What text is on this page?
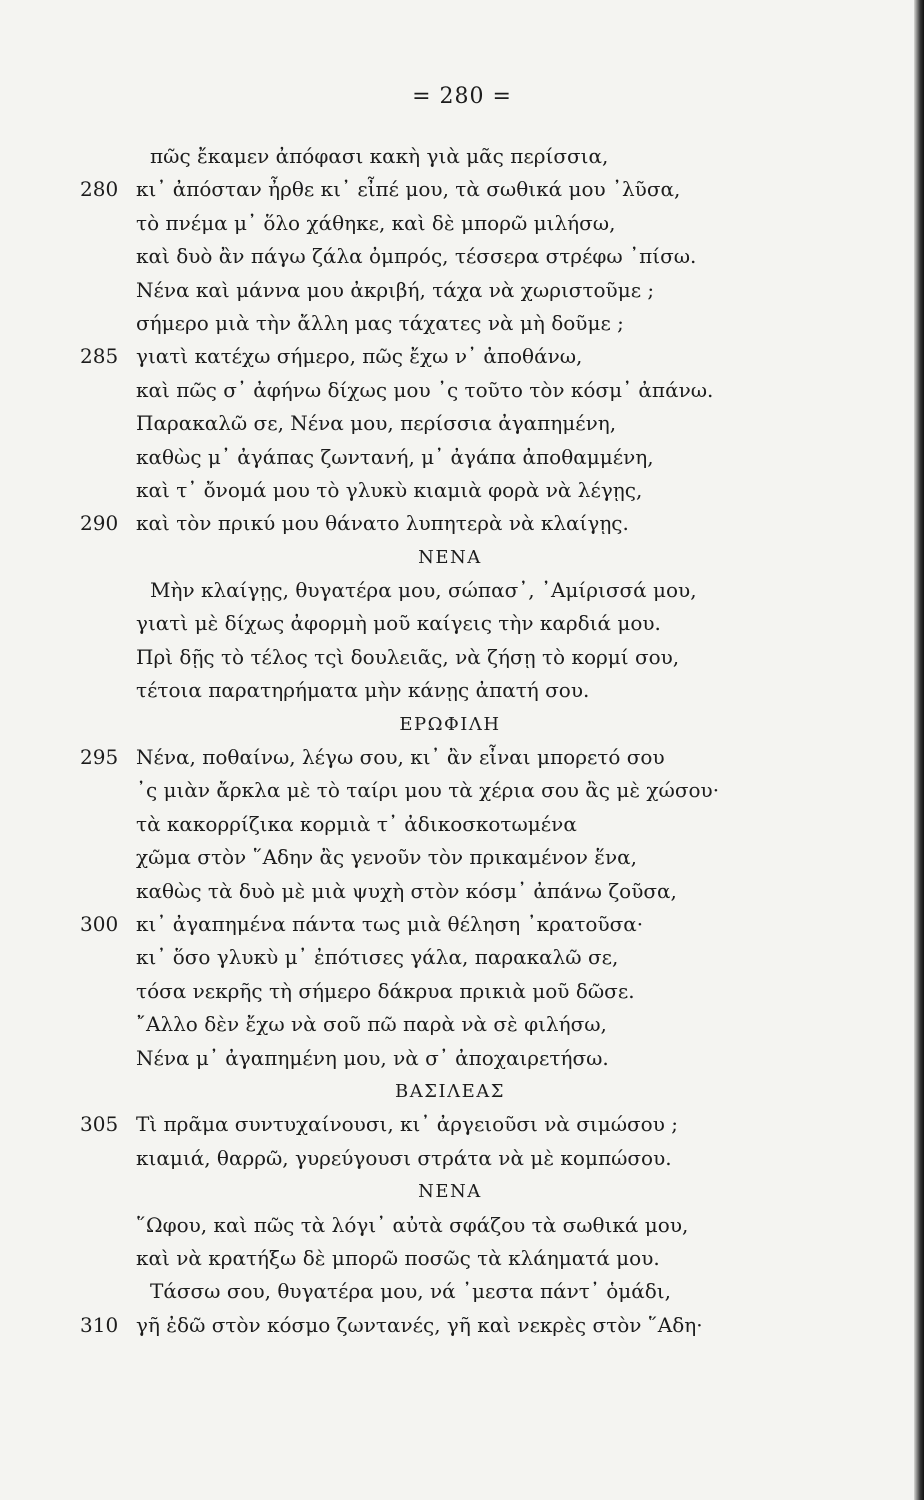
= 280 =
πῶς ἔκαμεν ἀπόφασι κακὴ γιὰ μᾶς περίσσια,
280 κι᾿ ἀπόσταν ἦρθε κι᾿ εἶπέ μου, τὰ σωθικά μου ᾿λῦσα,
τὸ πνέμα μ᾿ ὅλο χάθηκε, καὶ δὲ μπορῶ μιλήσω,
καὶ δυὸ ἂν πάγω ζάλα ὀμπρός, τέσσερα στρέφω ᾿πίσω.
Νένα καὶ μάννα μου ἀκριβή, τάχα νὰ χωριστοῦμε ;
σήμερο μιὰ τὴν ἄλλη μας τάχατες νὰ μὴ δοῦμε ;
285 γιατὶ κατέχω σήμερο, πῶς ἔχω ν᾿ ἀποθάνω,
καὶ πῶς σ᾿ ἀφήνω δίχως μου ᾿ς τοῦτο τὸν κόσμ᾿ ἀπάνω.
Παρακαλῶ σε, Νένα μου, περίσσια ἀγαπημένη,
καθὼς μ᾿ ἀγάπας ζωντανή, μ᾿ ἀγάπα ἀποθαμμένη,
καὶ τ᾿ ὄνομά μου τὸ γλυκὺ κιαμιὰ φορὰ νὰ λέγῃς,
290 καὶ τὸν πρικύ μου θάνατο λυπητερὰ νὰ κλαίγῃς.
ΝΕΝΑ
Μὴν κλαίγῃς, θυγατέρα μου, σώπασ᾿, ᾿Αμίρισσά μου,
γιατὶ μὲ δίχως ἀφορμὴ μοῦ καίγεις τὴν καρδιά μου.
Πρὶ δῇς τὸ τέλος τςὶ δουλειᾶς, νὰ ζήσῃ τὸ κορμί σου,
τέτοια παρατηρήματα μὴν κάνῃς ἀπατή σου.
ΕΡΩΦΙΛΗ
295 Νένα, ποθαίνω, λέγω σου, κι᾿ ἂν εἶναι μπορετό σου
᾿ς μιὰν ἄρκλα μὲ τὸ ταίρι μου τὰ χέρια σου ἂς μὲ χώσου·
τὰ κακορρίζικα κορμιὰ τ᾿ ἀδικοσκοτωμένα
χῶμα στὸν ῞Αδην ἂς γενοῦν τὸν πρικαμένον ἕνα,
καθὼς τὰ δυὸ μὲ μιὰ ψυχὴ στὸν κόσμ᾿ ἀπάνω ζοῦσα,
300 κι᾿ ἀγαπημένα πάντα τως μιὰ θέληση ᾿κρατοῦσα·
κι᾿ ὅσο γλυκὺ μ᾿ ἐπότισες γάλα, παρακαλῶ σε,
τόσα νεκρῆς τὴ σήμερο δάκρυα πρικιὰ μοῦ δῶσε.
῎Αλλο δὲν ἔχω νὰ σοῦ πῶ παρὰ νὰ σὲ φιλήσω,
Νένα μ᾿ ἀγαπημένη μου, νὰ σ᾿ ἀποχαιρετήσω.
ΒΑΣΙΛΕΑΣ
305 Τὶ πρᾶμα συντυχαίνουσι, κι᾿ ἀργειοῦσι νὰ σιμώσου ;
κιαμιά, θαρρῶ, γυρεύγουσι στράτα νὰ μὲ κομπώσου.
ΝΕΝΑ
῞Ωφου, καὶ πῶς τὰ λόγι᾿ αὐτὰ σφάζου τὰ σωθικά μου,
καὶ νὰ κρατήξω δὲ μπορῶ ποσῶς τὰ κλάηματά μου.
Τάσσω σου, θυγατέρα μου, νά ᾿μεστα πάντ᾿ ὁμάδι,
310 γῆ ἐδῶ στὸν κόσμο ζωντανές, γῆ καὶ νεκρὲς στὸν ῞Αδη·
